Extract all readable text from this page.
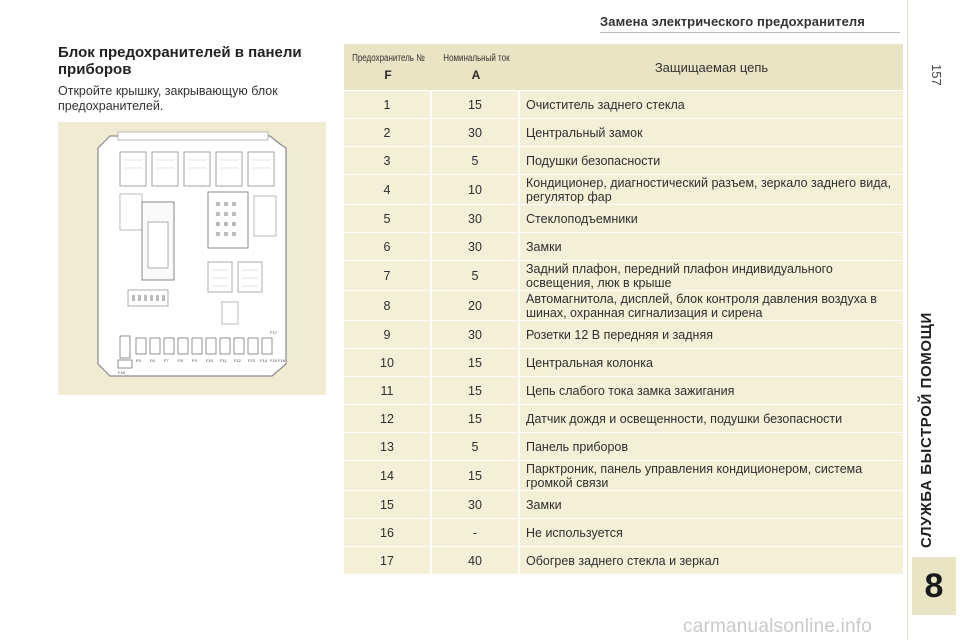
Замена электрического предохранителя
157
СЛУЖБА БЫСТРОЙ ПОМОЩИ
8
Блок предохранителей в панели приборов
Откройте крышку, закрывающую блок предохранителей.
F5 F6 F7 F8 F9 F10 F11 F12 F13 F14 F15 F16
F17
F16
Предохранитель №
F
Номинальный ток
A	Защищаемая цепь
1	15	Очиститель заднего стекла
2	30	Центральный замок
3	5	Подушки безопасности
4	10	Кондиционер, диагностический разъем, зеркало заднего вида, регулятор фар
5	30	Стеклоподъемники
6	30	Замки
7	5	Задний плафон, передний плафон индивидуального освещения, люк в крыше
8	20	Автомагнитола, дисплей, блок контроля давления воздуха в шинах, охранная сигнализация и сирена
9	30	Розетки 12 В передняя и задняя
10	15	Центральная колонка
11	15	Цепь слабого тока замка зажигания
12	15	Датчик дождя и освещенности, подушки безопасности
13	5	Панель приборов
14	15	Парктроник, панель управления кондиционером, система громкой связи
15	30	Замки
16	-	Не используется
17	40	Обогрев заднего стекла и зеркал
carmanualsonline.info
